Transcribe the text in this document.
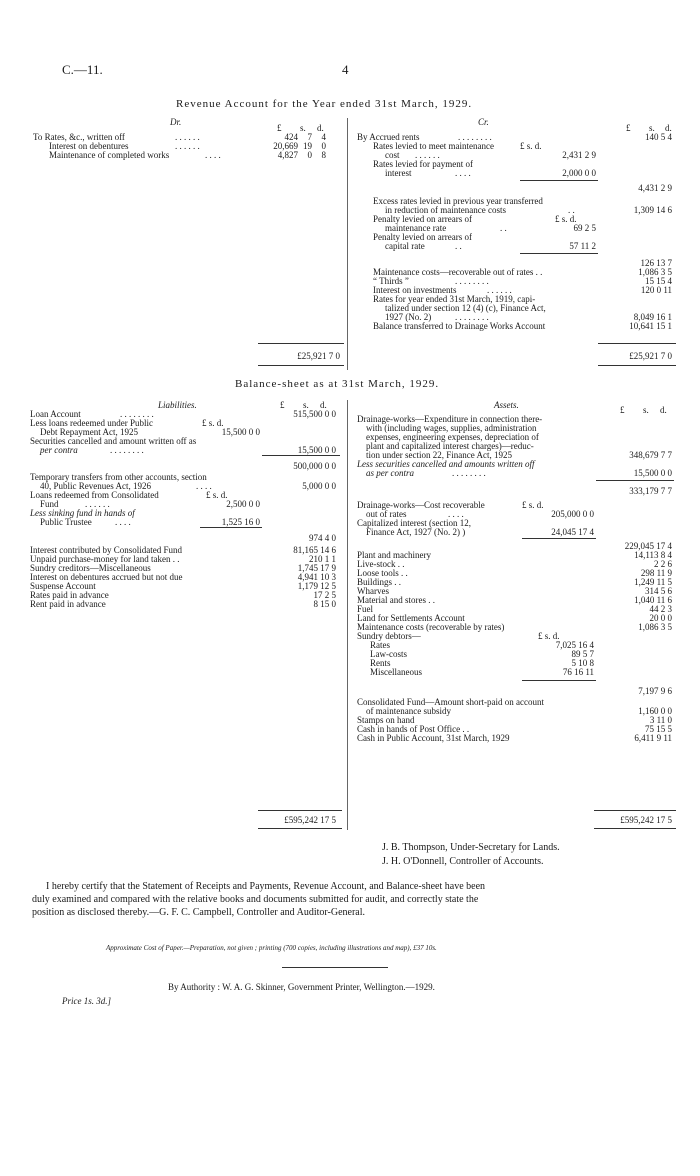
C.—11.	4
Revenue Account for the Year ended 31st March, 1929.
Dr.	Cr.
£ s. d.
To Rates, &c., written off	. . . . . .	424	7	4
Interest on debentures	. . . . . .	20,669 19	0
Maintenance of completed works	. . . .	4,827	0	8
£25,921 7 0
£ s. d.
By Accrued rents	. . . . . . . .	140 5 4
Rates levied to meet maintenance	£ s. d.
cost . . . . . .	2,431 2 9
Rates levied for payment of
interest	. . . .	2,000 0 0
4,431 2 9
Excess rates levied in previous year transferred
in reduction of maintenance costs	. .	1,309 14 6
Penalty levied on arrears of	£ s. d.
maintenance rate	. .	69 2 5
Penalty levied on arrears of
capital rate	. .	57 11 2
126 13 7
Maintenance costs—recoverable out of rates . .	1,086 3 5
“ Thirds ”	. . . . . . . .	15 15 4
Interest on investments	. . . . . .	120 0 11
Rates for year ended 31st March, 1919, capi-
talized under section 12 (4) (c), Finance Act,
1927 (No. 2)	. . . . . . . .	8,049 16 1
Balance transferred to Drainage Works Account	10,641 15 1
£25,921 7 0
Balance-sheet as at 31st March, 1929.
Liabilities.	Assets.
£ s. d.
Loan Account	. . . . . . . .	515,500 0 0
Less loans redeemed under Public	£ s. d.
Debt Repayment Act, 1925	15,500 0 0
Securities cancelled and amount written off as
per contra	. . . . . . . .	15,500 0 0
500,000 0 0
Temporary transfers from other accounts, section
40, Public Revenues Act, 1926	. . . .	5,000 0 0
Loans redeemed from Consolidated	£ s. d.
Fund	. . . . . .	2,500 0 0
Less sinking fund in hands of
Public Trustee	. . . .	1,525 16 0
974 4 0
Interest contributed by Consolidated Fund	81,165 14 6
Unpaid purchase-money for land taken . .	210 1 1
Sundry creditors—Miscellaneous	1,745 17 9
Interest on debentures accrued but not due	4,941 10 3
Suspense Account	1,179 12 5
Rates paid in advance	17 2 5
Rent paid in advance	8 15 0
£595,242 17 5
£ s. d.
Drainage-works—Expenditure in connection there-
with (including wages, supplies, administration
expenses, engineering expenses, depreciation of
plant and capitalized interest charges)—reduc-
tion under section 22, Finance Act, 1925	348,679 7 7
Less securities cancelled and amounts written off
as per contra	. . . . . . . .	15,500 0 0
333,179 7 7
Drainage-works—Cost recoverable	£ s. d.
out of rates	. . . .	205,000 0 0
Capitalized interest (section 12,
Finance Act, 1927 (No. 2) )	24,045 17 4
229,045 17 4
Plant and machinery	14,113 8 4
Live-stock . .	2 2 6
Loose tools . .	298 11 9
Buildings . .	1,249 11 5
Wharves	314 5 6
Material and stores . .	1,040 11 6
Fuel	44 2 3
Land for Settlements Account	20 0 0
Maintenance costs (recoverable by rates)	1,086 3 5
Sundry debtors—	£ s. d.
Rates	7,025 16 4
Law-costs	89 5 7
Rents	5 10 8
Miscellaneous	76 16 11
7,197 9 6
Consolidated Fund—Amount short-paid on account
of maintenance subsidy	1,160 0 0
Stamps on hand	3 11 0
Cash in hands of Post Office . .	75 15 5
Cash in Public Account, 31st March, 1929	6,411 9 11
£595,242 17 5
J. B. Thompson, Under-Secretary for Lands.
J. H. O'Donnell, Controller of Accounts.
I hereby certify that the Statement of Receipts and Payments, Revenue Account, and Balance-sheet have been
duly examined and compared with the relative books and documents submitted for audit, and correctly state the
position as disclosed thereby.—G. F. C. Campbell, Controller and Auditor-General.
Approximate Cost of Paper.—Preparation, not given ; printing (700 copies, including illustrations and map), £37 10s.
By Authority : W. A. G. Skinner, Government Printer, Wellington.—1929.
Price 1s. 3d.]
